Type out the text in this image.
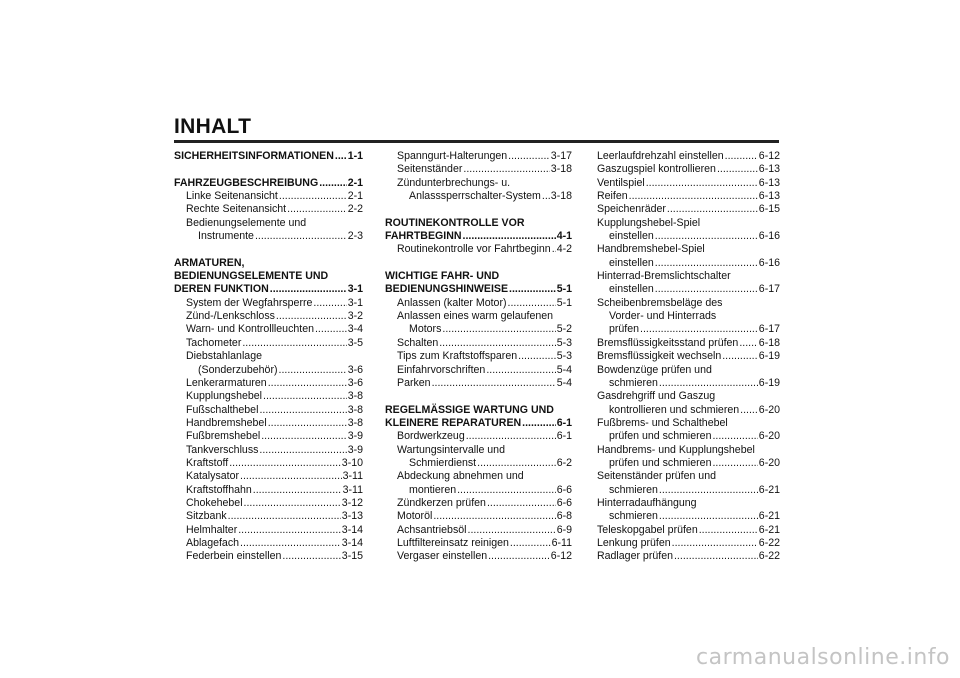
INHALT
SICHERHEITSINFORMATIONEN ..... 1-1
FAHRZEUGBESCHREIBUNG .....	2-1
Linke Seitenansicht .....	2-1
Rechte Seitenansicht .....	2-2
Bedienungselemente und
Instrumente .....	2-3
ARMATUREN,
BEDIENUNGSELEMENTE UND
DEREN FUNKTION .....	3-1
System der Wegfahrsperre .....	3-1
Zünd-/Lenkschloss .....	3-2
Warn- und Kontrollleuchten .....	3-4
Tachometer .....	3-5
Diebstahlanlage
(Sonderzubehör) .....	3-6
Lenkerarmaturen .....	3-6
Kupplungshebel .....	3-8
Fußschalthebel .....	3-8
Handbremshebel .....	3-8
Fußbremshebel .....	3-9
Tankverschluss .....	3-9
Kraftstoff .....	3-10
Katalysator .....	3-11
Kraftstoffhahn .....	3-11
Chokehebel .....	3-12
Sitzbank .....	3-13
Helmhalter .....	3-14
Ablagefach .....	3-14
Federbein einstellen .....	3-15
Spanngurt-Halterungen .....	3-17
Seitenständer .....	3-18
Zündunterbrechungs- u.
Anlasssperrschalter-System ..... 3-18
ROUTINEKONTROLLE VOR
FAHRTBEGINN .....	4-1
Routinekontrolle vor Fahrtbeginn ..... 4-2
WICHTIGE FAHR- UND
BEDIENUNGSHINWEISE .....	5-1
Anlassen (kalter Motor) .....	5-1
Anlassen eines warm gelaufenen
Motors .....	5-2
Schalten .....	5-3
Tips zum Kraftstoffsparen .....	5-3
Einfahrvorschriften .....	5-4
Parken .....	5-4
REGELMÄSSIGE WARTUNG UND
KLEINERE REPARATUREN .....	6-1
Bordwerkzeug .....	6-1
Wartungsintervalle und
Schmierdienst .....	6-2
Abdeckung abnehmen und
montieren .....	6-6
Zündkerzen prüfen .....	6-6
Motoröl .....	6-8
Achsantriebsöl .....	6-9
Luftfiltereinsatz reinigen .....	6-11
Vergaser einstellen .....	6-12
Leerlaufdrehzahl einstellen .....	6-12
Gaszugspiel kontrollieren .....	6-13
Ventilspiel .....	6-13
Reifen .....	6-13
Speichenräder .....	6-15
Kupplungshebel-Spiel
einstellen .....	6-16
Handbremshebel-Spiel
einstellen .....	6-16
Hinterrad-Bremslichtschalter
einstellen .....	6-17
Scheibenbremsbeläge des
Vorder- und Hinterrads
prüfen .....	6-17
Bremsflüssigkeitsstand prüfen ..... 6-18
Bremsflüssigkeit wechseln .....	6-19
Bowdenzüge prüfen und
schmieren .....	6-19
Gasdrehgriff und Gaszug
kontrollieren und schmieren ..... 6-20
Fußbrems- und Schalthebel
prüfen und schmieren .....	6-20
Handbrems- und Kupplungshebel
prüfen und schmieren .....	6-20
Seitenständer prüfen und
schmieren .....	6-21
Hinterradaufhängung
schmieren .....	6-21
Teleskopgabel prüfen .....	6-21
Lenkung prüfen .....	6-22
Radlager prüfen .....	6-22
carmanualsonline.info
